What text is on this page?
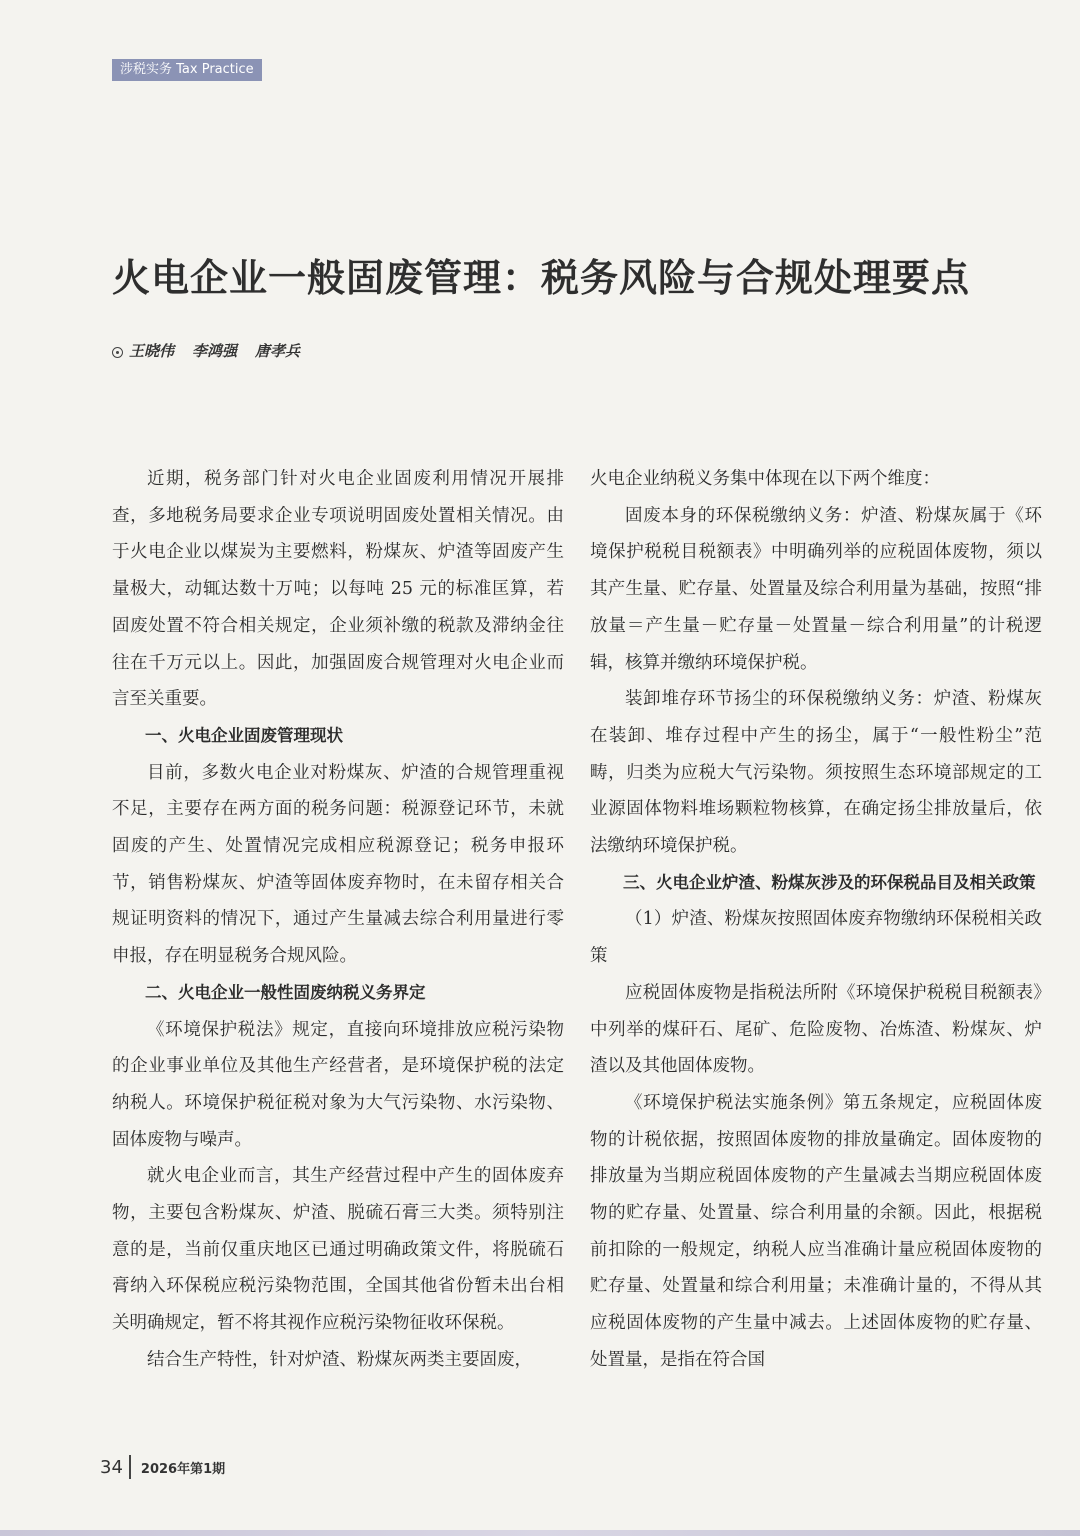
涉税实务 Tax Practice
火电企业一般固废管理：税务风险与合规处理要点
王晓伟 李鸿强 唐孝兵

近期，税务部门针对火电企业固废利用情况开展排查，多地税务局要求企业专项说明固废处置相关情况。由于火电企业以煤炭为主要燃料，粉煤灰、炉渣等固废产生量极大，动辄达数十万吨；以每吨 25 元的标准匡算，若固废处置不符合相关规定，企业须补缴的税款及滞纳金往往在千万元以上。因此，加强固废合规管理对火电企业而言至关重要。

一、火电企业固废管理现状

目前，多数火电企业对粉煤灰、炉渣的合规管理重视不足，主要存在两方面的税务问题：税源登记环节，未就固废的产生、处置情况完成相应税源登记；税务申报环节，销售粉煤灰、炉渣等固体废弃物时，在未留存相关合规证明资料的情况下，通过产生量减去综合利用量进行零申报，存在明显税务合规风险。

二、火电企业一般性固废纳税义务界定

《环境保护税法》规定，直接向环境排放应税污染物的企业事业单位及其他生产经营者，是环境保护税的法定纳税人。环境保护税征税对象为大气污染物、水污染物、固体废物与噪声。

就火电企业而言，其生产经营过程中产生的固体废弃物，主要包含粉煤灰、炉渣、脱硫石膏三大类。须特别注意的是，当前仅重庆地区已通过明确政策文件，将脱硫石膏纳入环保税应税污染物范围，全国其他省份暂未出台相关明确规定，暂不将其视作应税污染物征收环保税。

结合生产特性，针对炉渣、粉煤灰两类主要固废，

火电企业纳税义务集中体现在以下两个维度：

固废本身的环保税缴纳义务：炉渣、粉煤灰属于《环境保护税税目税额表》中明确列举的应税固体废物，须以其产生量、贮存量、处置量及综合利用量为基础，按照“排放量＝产生量－贮存量－处置量－综合利用量”的计税逻辑，核算并缴纳环境保护税。

装卸堆存环节扬尘的环保税缴纳义务：炉渣、粉煤灰在装卸、堆存过程中产生的扬尘，属于“一般性粉尘”范畴，归类为应税大气污染物。须按照生态环境部规定的工业源固体物料堆场颗粒物核算，在确定扬尘排放量后，依法缴纳环境保护税。

三、火电企业炉渣、粉煤灰涉及的环保税品目及相关政策

（1）炉渣、粉煤灰按照固体废弃物缴纳环保税相关政策

应税固体废物是指税法所附《环境保护税税目税额表》中列举的煤矸石、尾矿、危险废物、冶炼渣、粉煤灰、炉渣以及其他固体废物。

《环境保护税法实施条例》第五条规定，应税固体废物的计税依据，按照固体废物的排放量确定。固体废物的排放量为当期应税固体废物的产生量减去当期应税固体废物的贮存量、处置量、综合利用量的余额。因此，根据税前扣除的一般规定，纳税人应当准确计量应税固体废物的贮存量、处置量和综合利用量；未准确计量的，不得从其应税固体废物的产生量中减去。上述固体废物的贮存量、处置量，是指在符合国

34 2026年第1期
